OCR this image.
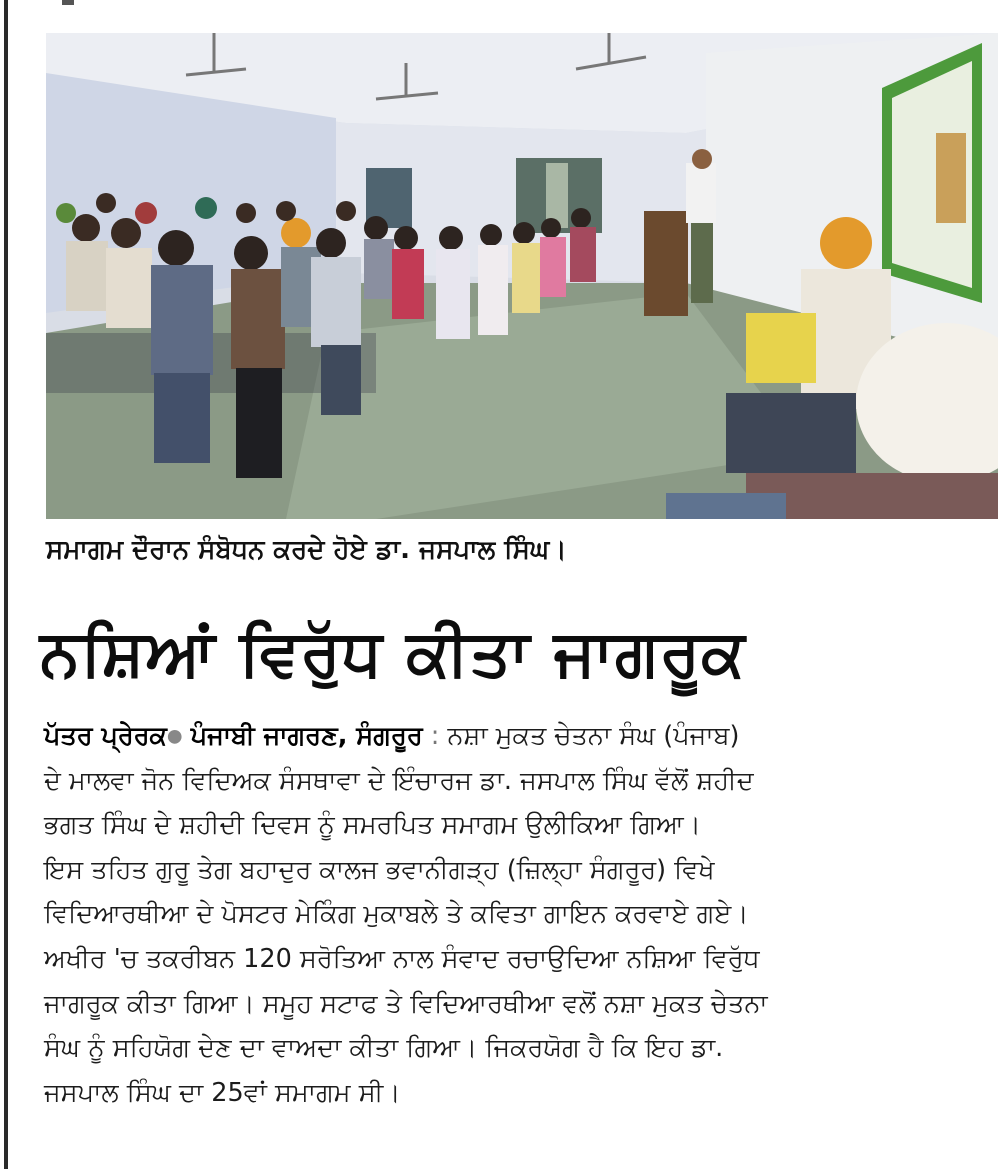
ਸਮਾਗਮ ਦੌਰਾਨ ਸੰਬੋਧਨ ਕਰਦੇ ਹੋਏ ਡਾ. ਜਸਪਾਲ ਸਿੰਘ।
ਨਸ਼ਿਆਂ ਵਿਰੁੱਧ ਕੀਤਾ ਜਾਗਰੂਕ
ਪੱਤਰ ਪ੍ਰੇਰਕ● ਪੰਜਾਬੀ ਜਾਗਰਣ, ਸੰਗਰੂਰ : ਨਸ਼ਾ ਮੁਕਤ ਚੇਤਨਾ ਸੰਘ (ਪੰਜਾਬ)
ਦੇ ਮਾਲਵਾ ਜੋਨ ਵਿਦਿਅਕ ਸੰਸਥਾਵਾ ਦੇ ਇੰਚਾਰਜ ਡਾ. ਜਸਪਾਲ ਸਿੰਘ ਵੱਲੋਂ ਸ਼ਹੀਦ
ਭਗਤ ਸਿੰਘ ਦੇ ਸ਼ਹੀਦੀ ਦਿਵਸ ਨੂੰ ਸਮਰਪਿਤ ਸਮਾਗਮ ਉਲੀਕਿਆ ਗਿਆ।
ਇਸ ਤਹਿਤ ਗੁਰੂ ਤੇਗ ਬਹਾਦੁਰ ਕਾਲਜ ਭਵਾਨੀਗੜ੍ਹ (ਜ਼ਿਲ੍ਹਾ ਸੰਗਰੂਰ) ਵਿਖੇ
ਵਿਦਿਆਰਥੀਆ ਦੇ ਪੋਸਟਰ ਮੇਕਿੰਗ ਮੁਕਾਬਲੇ ਤੇ ਕਵਿਤਾ ਗਾਇਨ ਕਰਵਾਏ ਗਏ।
ਅਖੀਰ 'ਚ ਤਕਰੀਬਨ 120 ਸਰੋਤਿਆ ਨਾਲ ਸੰਵਾਦ ਰਚਾਉਦਿਆ ਨਸ਼ਿਆ ਵਿਰੁੱਧ
ਜਾਗਰੂਕ ਕੀਤਾ ਗਿਆ। ਸਮੂਹ ਸਟਾਫ ਤੇ ਵਿਦਿਆਰਥੀਆ ਵਲੋਂ ਨਸ਼ਾ ਮੁਕਤ ਚੇਤਨਾ
ਸੰਘ ਨੂੰ ਸਹਿਯੋਗ ਦੇਣ ਦਾ ਵਾਅਦਾ ਕੀਤਾ ਗਿਆ। ਜਿਕਰਯੋਗ ਹੈ ਕਿ ਇਹ ਡਾ.
ਜਸਪਾਲ ਸਿੰਘ ਦਾ 25ਵਾਂ ਸਮਾਗਮ ਸੀ।
